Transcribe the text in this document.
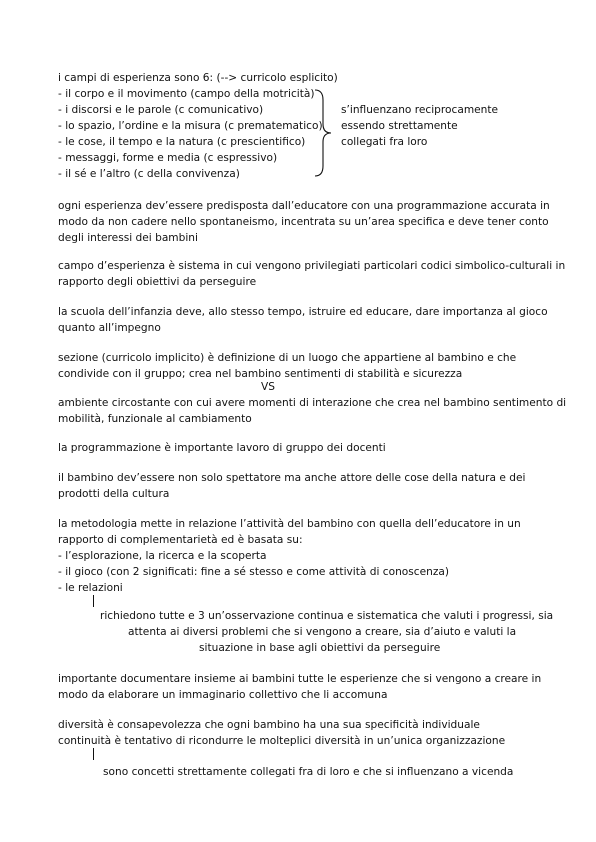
i campi di esperienza sono 6: (--> curricolo esplicito)
- il corpo e il movimento (campo della motricità)
- i discorsi e le parole (c comunicativo)
- lo spazio, l’ordine e la misura (c prematematico)
- le cose, il tempo e la natura (c prescientifico)
- messaggi, forme e media (c espressivo)
- il sé e l’altro (c della convivenza)
s’influenzano reciprocamente
essendo strettamente
collegati fra loro
ogni esperienza dev’essere predisposta dall’educatore con una programmazione accurata in
modo da non cadere nello spontaneismo, incentrata su un’area specifica e deve tener conto
degli interessi dei bambini
campo d’esperienza è sistema in cui vengono privilegiati particolari codici simbolico-culturali in
rapporto degli obiettivi da perseguire
la scuola dell’infanzia deve, allo stesso tempo, istruire ed educare, dare importanza al gioco
quanto all’impegno
sezione (curricolo implicito) è definizione di un luogo che appartiene al bambino e che
condivide con il gruppo; crea nel bambino sentimenti di stabilità e sicurezza
VS
ambiente circostante con cui avere momenti di interazione che crea nel bambino sentimento di
mobilità, funzionale al cambiamento
la programmazione è importante lavoro di gruppo dei docenti
il bambino dev’essere non solo spettatore ma anche attore delle cose della natura e dei
prodotti della cultura
la metodologia mette in relazione l’attività del bambino con quella dell’educatore in un
rapporto di complementarietà ed è basata su:
- l’esplorazione, la ricerca e la scoperta
- il gioco (con 2 significati: fine a sé stesso e come attività di conoscenza)
- le relazioni
richiedono tutte e 3 un’osservazione continua e sistematica che valuti i progressi, sia
attenta ai diversi problemi che si vengono a creare, sia d’aiuto e valuti la
situazione in base agli obiettivi da perseguire
importante documentare insieme ai bambini tutte le esperienze che si vengono a creare in
modo da elaborare un immaginario collettivo che li accomuna
diversità è consapevolezza che ogni bambino ha una sua specificità individuale
continuità è tentativo di ricondurre le molteplici diversità in un’unica organizzazione
sono concetti strettamente collegati fra di loro e che si influenzano a vicenda
